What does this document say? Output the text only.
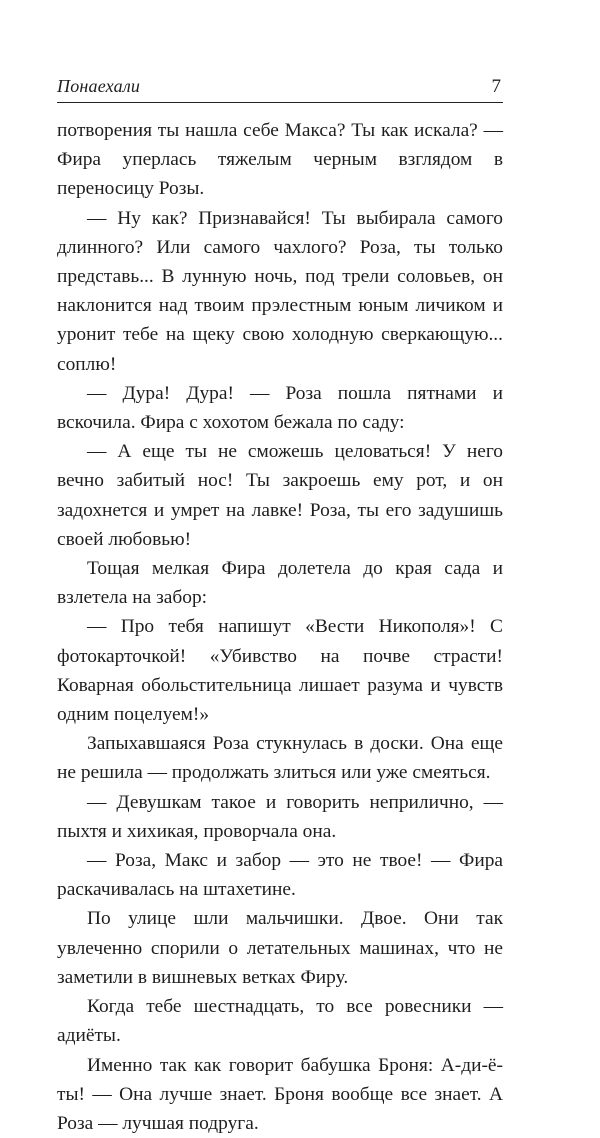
Понаехали	7

потворения ты нашла себе Макса? Ты как искала? — Фира уперлась тяжелым черным взглядом в переносицу Розы.

— Ну как? Признавайся! Ты выбирала самого длинного? Или самого чахлого? Роза, ты только представь... В лунную ночь, под трели соловьев, он наклонится над твоим прэлестным юным личиком и уронит тебе на щеку свою холодную сверкающую... соплю!

— Дура! Дура! — Роза пошла пятнами и вскочила. Фира с хохотом бежала по саду:

— А еще ты не сможешь целоваться! У него вечно забитый нос! Ты закроешь ему рот, и он задохнется и умрет на лавке! Роза, ты его задушишь своей любовью!

Тощая мелкая Фира долетела до края сада и взлетела на забор:

— Про тебя напишут «Вести Никополя»! С фотокарточкой! «Убивство на почве страсти! Коварная обольстительница лишает разума и чувств одним поцелуем!»

Запыхавшаяся Роза стукнулась в доски. Она еще не решила — продолжать злиться или уже смеяться.

— Девушкам такое и говорить неприлично, — пыхтя и хихикая, проворчала она.

— Роза, Макс и забор — это не твое! — Фира раскачивалась на штахетине.

По улице шли мальчишки. Двое. Они так увлеченно спорили о летательных машинах, что не заметили в вишневых ветках Фиру.

Когда тебе шестнадцать, то все ровесники — адиёты.

Именно так как говорит бабушка Броня: А-ди-ё-ты! — Она лучше знает. Броня вообще все знает. А Роза — лучшая подруга.
